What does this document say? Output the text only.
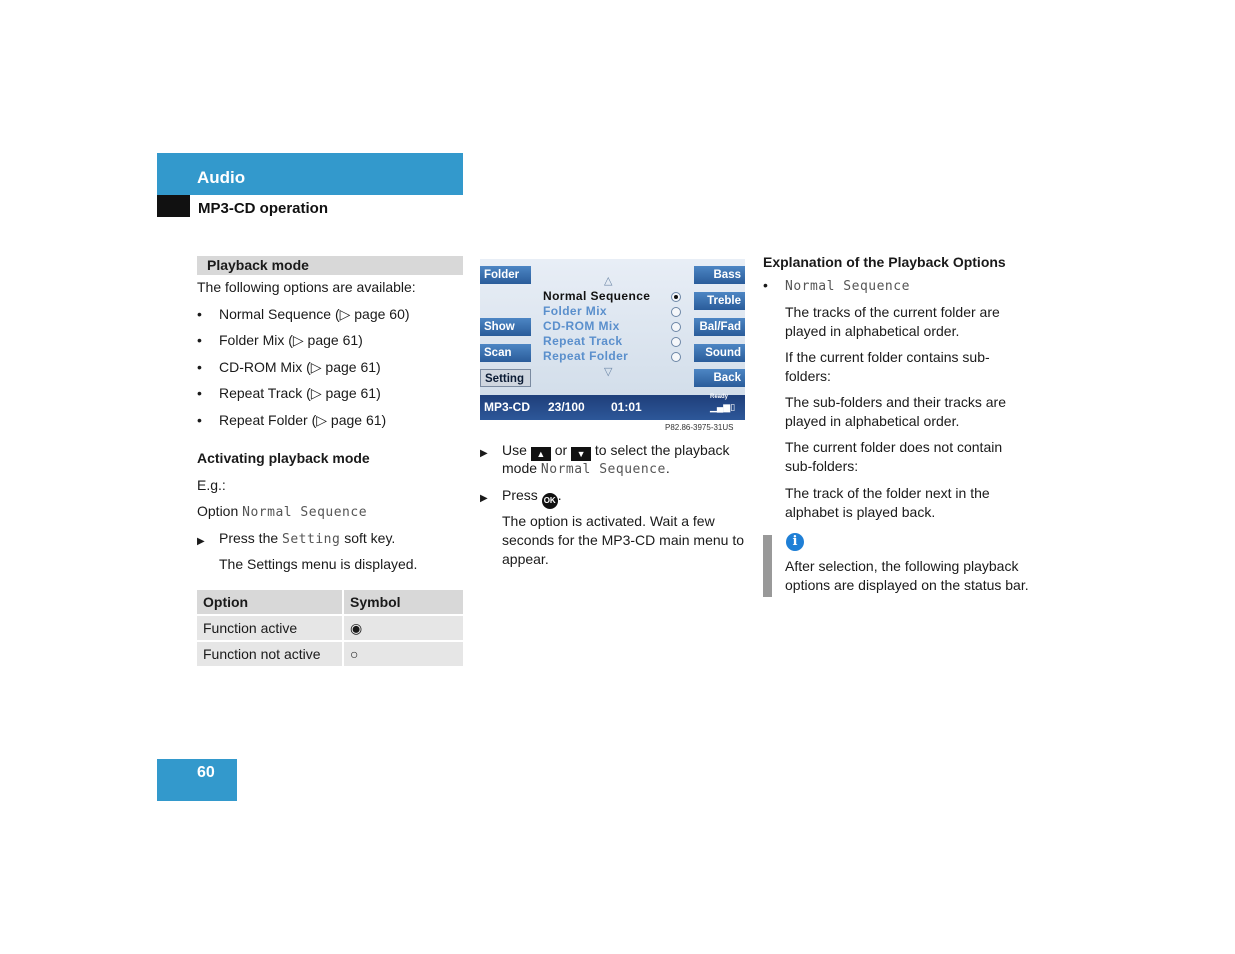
Audio
MP3-CD operation
Playback mode
The following options are available:
• Normal Sequence (▷ page 60)
• Folder Mix (▷ page 61)
• CD-ROM Mix (▷ page 61)
• Repeat Track (▷ page 61)
• Repeat Folder (▷ page 61)
Activating playback mode
E.g.:
Option Normal Sequence
▶ Press the Setting soft key.
The Settings menu is displayed.
Option	Symbol
Function active	◉
Function not active	○
Folder
Show
Scan
Setting
Bass
Treble
Bal/Fad
Sound
Back
△
Normal Sequence
Folder Mix
CD-ROM Mix
Repeat Track
Repeat Folder
▽
MP3-CD 23/100 01:01
Ready
▁▄▆▯
P82.86-3975-31US
▶ Use ▲ or ▼ to select the playback
mode Normal Sequence.
▶ Press OK .
The option is activated. Wait a few seconds for the MP3-CD main menu to appear.
Explanation of the Playback Options
• Normal Sequence
The tracks of the current folder are played in alphabetical order.
If the current folder contains sub-folders:
The sub-folders and their tracks are played in alphabetical order.
The current folder does not contain sub-folders:
The track of the folder next in the alphabet is played back.
i
After selection, the following playback options are displayed on the status bar.
60
